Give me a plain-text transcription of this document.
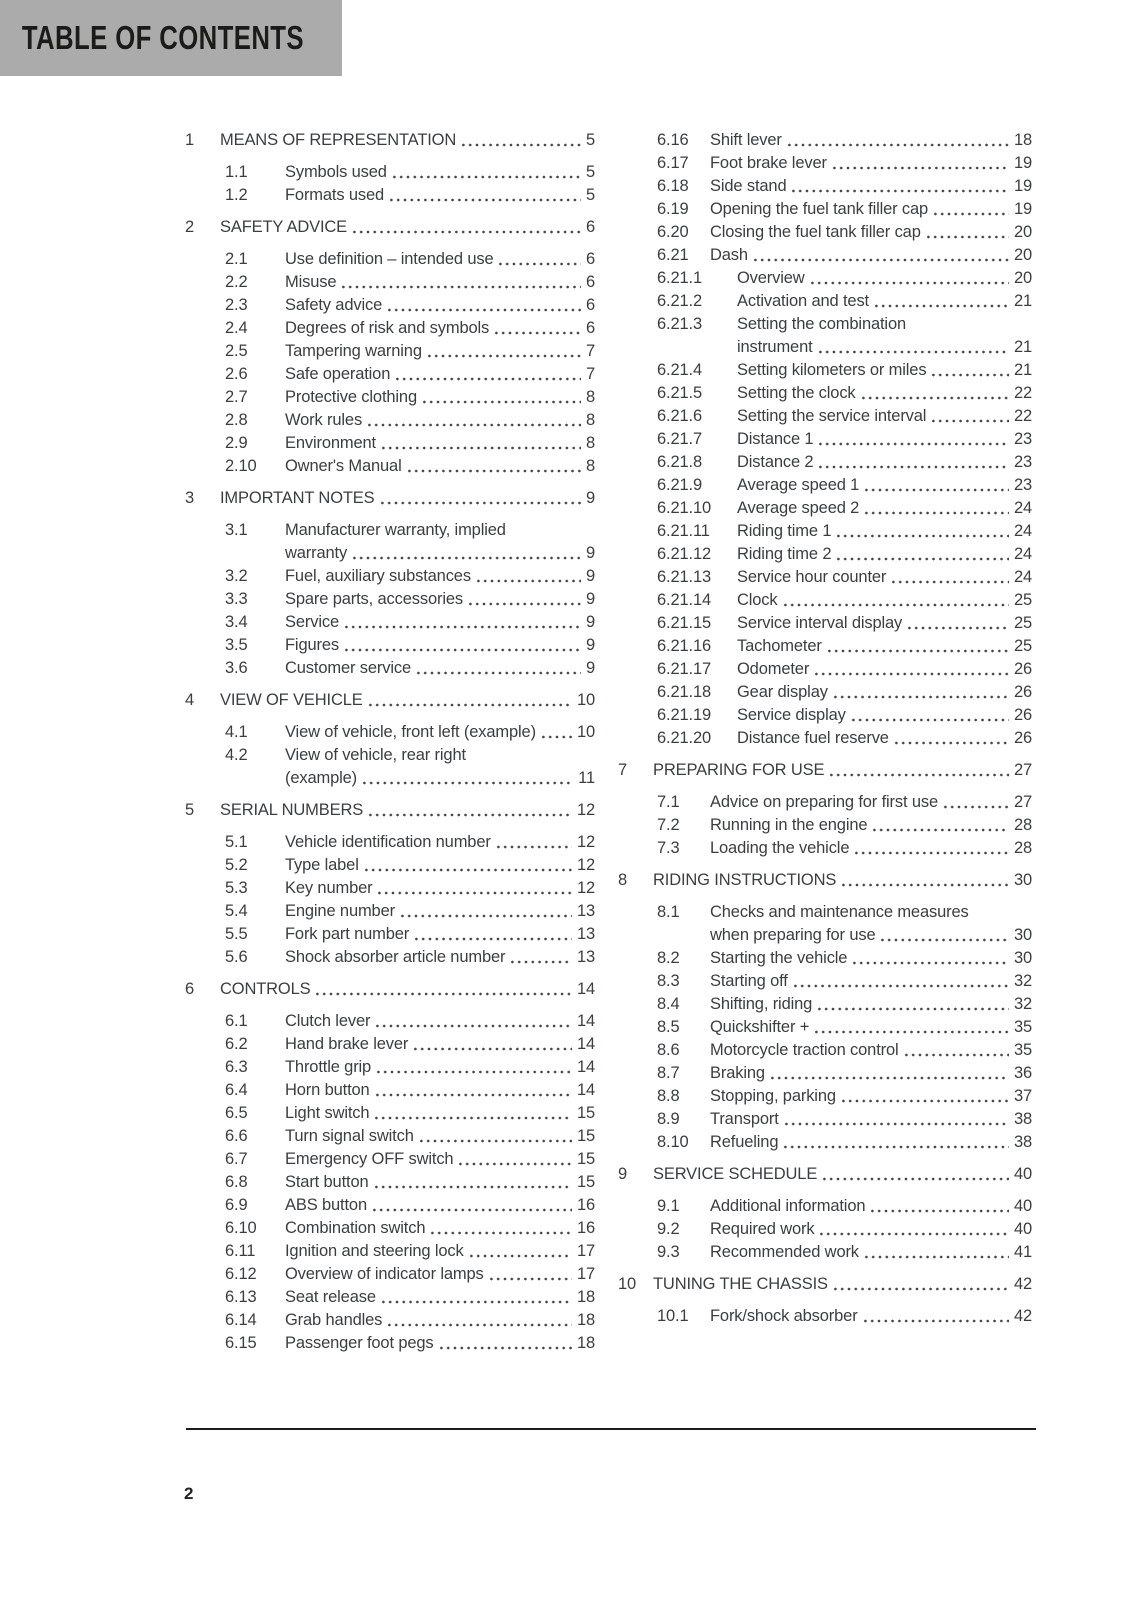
TABLE OF CONTENTS
1	MEANS OF REPRESENTATION	5
1.1	Symbols used	5
1.2	Formats used	5
2	SAFETY ADVICE	6
2.1	Use definition – intended use	6
2.2	Misuse	6
2.3	Safety advice	6
2.4	Degrees of risk and symbols	6
2.5	Tampering warning	7
2.6	Safe operation	7
2.7	Protective clothing	8
2.8	Work rules	8
2.9	Environment	8
2.10	Owner's Manual	8
3	IMPORTANT NOTES	9
3.1	Manufacturer warranty, implied
warranty	9
3.2	Fuel, auxiliary substances	9
3.3	Spare parts, accessories	9
3.4	Service	9
3.5	Figures	9
3.6	Customer service	9
4	VIEW OF VEHICLE	10
4.1	View of vehicle, front left (example) 10
4.2	View of vehicle, rear right
(example)	11
5	SERIAL NUMBERS	12
5.1	Vehicle identification number	12
5.2	Type label	12
5.3	Key number	12
5.4	Engine number	13
5.5	Fork part number	13
5.6	Shock absorber article number	13
6	CONTROLS	14
6.1	Clutch lever	14
6.2	Hand brake lever	14
6.3	Throttle grip	14
6.4	Horn button	14
6.5	Light switch	15
6.6	Turn signal switch	15
6.7	Emergency OFF switch	15
6.8	Start button	15
6.9	ABS button	16
6.10	Combination switch	16
6.11	Ignition and steering lock	17
6.12	Overview of indicator lamps	17
6.13	Seat release	18
6.14	Grab handles	18
6.15	Passenger foot pegs	18
6.16	Shift lever	18
6.17	Foot brake lever	19
6.18	Side stand	19
6.19	Opening the fuel tank filler cap	19
6.20	Closing the fuel tank filler cap	20
6.21	Dash	20
6.21.1	Overview	20
6.21.2	Activation and test	21
6.21.3	Setting the combination
instrument	21
6.21.4	Setting kilometers or miles	21
6.21.5	Setting the clock	22
6.21.6	Setting the service interval	22
6.21.7	Distance 1	23
6.21.8	Distance 2	23
6.21.9	Average speed 1	23
6.21.10	Average speed 2	24
6.21.11	Riding time 1	24
6.21.12	Riding time 2	24
6.21.13	Service hour counter	24
6.21.14	Clock	25
6.21.15	Service interval display	25
6.21.16	Tachometer	25
6.21.17	Odometer	26
6.21.18	Gear display	26
6.21.19	Service display	26
6.21.20	Distance fuel reserve	26
7	PREPARING FOR USE	27
7.1	Advice on preparing for first use	27
7.2	Running in the engine	28
7.3	Loading the vehicle	28
8	RIDING INSTRUCTIONS	30
8.1	Checks and maintenance measures
when preparing for use	30
8.2	Starting the vehicle	30
8.3	Starting off	32
8.4	Shifting, riding	32
8.5	Quickshifter +	35
8.6	Motorcycle traction control	35
8.7	Braking	36
8.8	Stopping, parking	37
8.9	Transport	38
8.10	Refueling	38
9	SERVICE SCHEDULE	40
9.1	Additional information	40
9.2	Required work	40
9.3	Recommended work	41
10	TUNING THE CHASSIS	42
10.1	Fork/shock absorber	42
2
